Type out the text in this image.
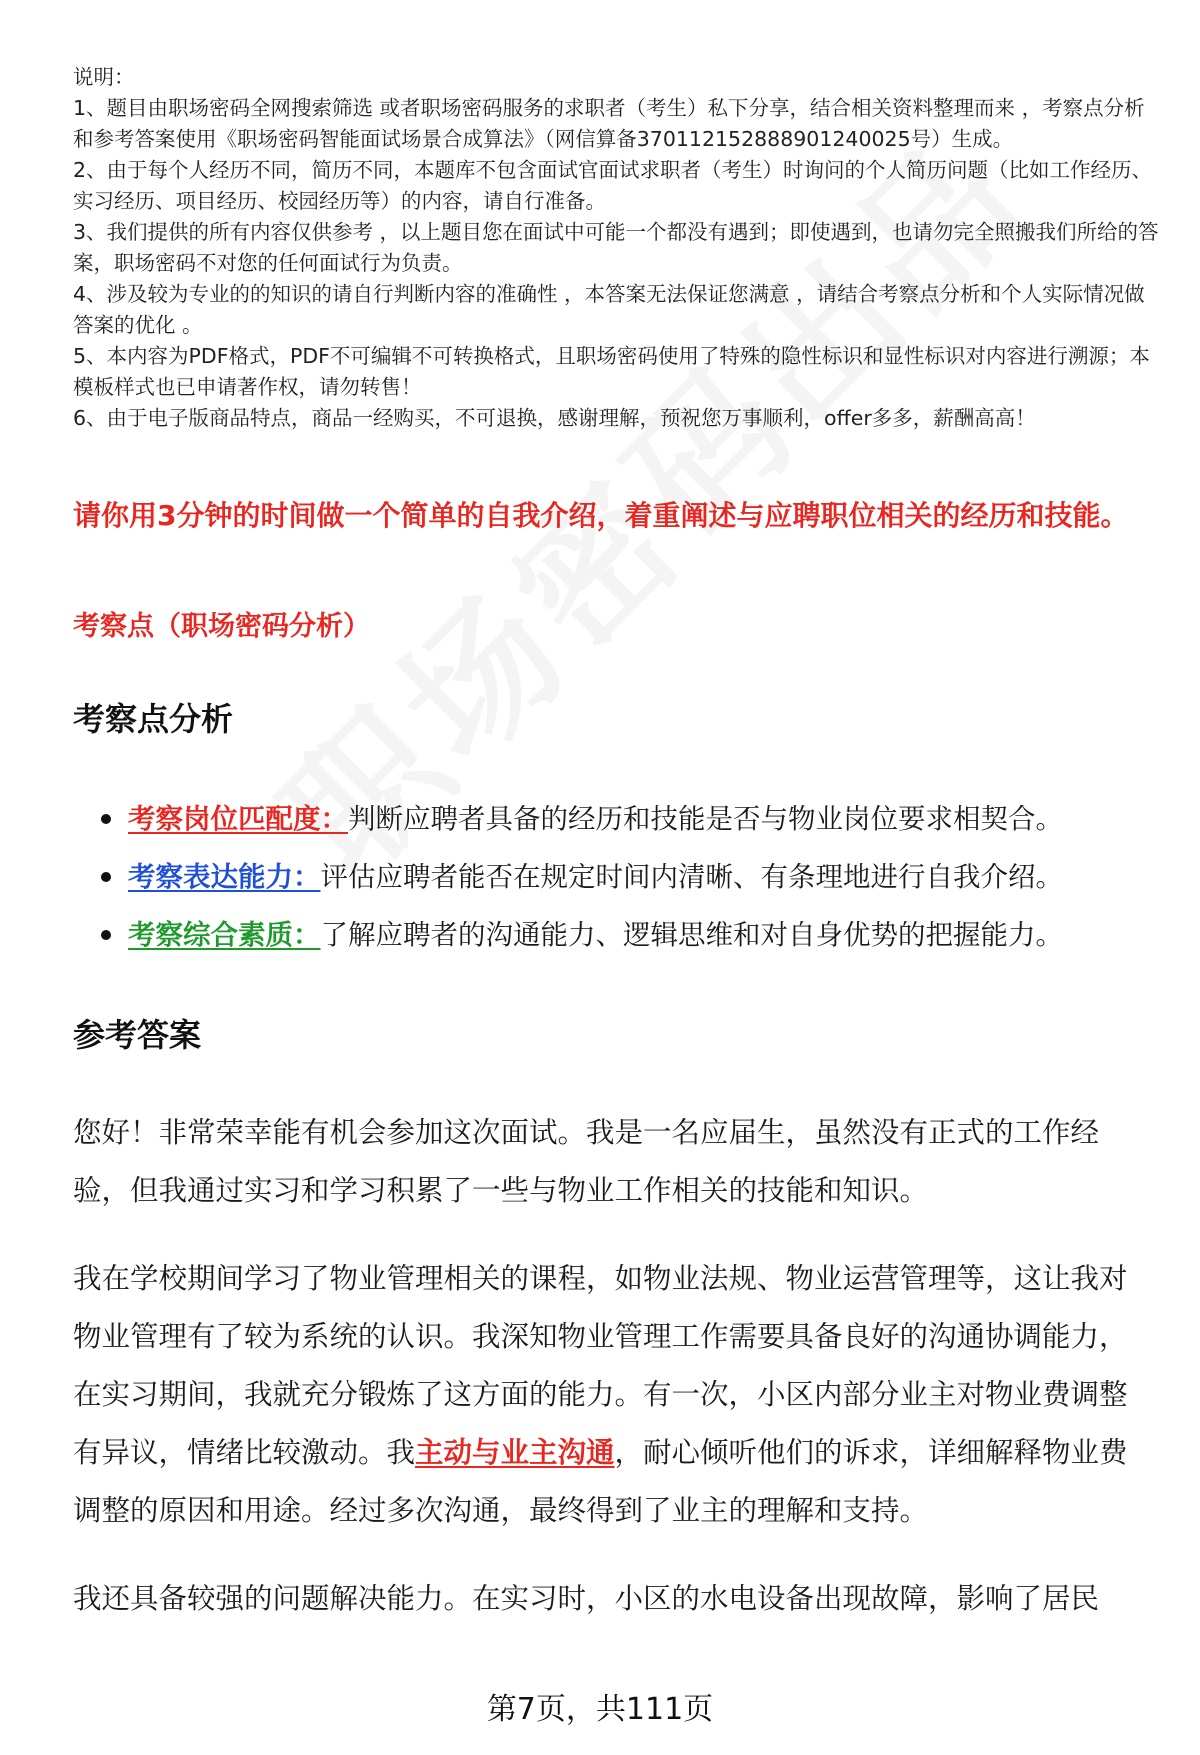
说明：

1、题目由职场密码全网搜索筛选 或者职场密码服务的求职者（考生）私下分享，结合相关资料整理而来 ，考察点分析和参考答案使用《职场密码智能面试场景合成算法》（网信算备370112152888901240025号）生成。

2、由于每个人经历不同，简历不同，本题库不包含面试官面试求职者（考生）时询问的个人简历问题（比如工作经历、实习经历、项目经历、校园经历等）的内容，请自行准备。

3、我们提供的所有内容仅供参考 ，以上题目您在面试中可能一个都没有遇到；即使遇到，也请勿完全照搬我们所给的答案，职场密码不对您的任何面试行为负责。

4、涉及较为专业的的知识的请自行判断内容的准确性 ，本答案无法保证您满意 ，请结合考察点分析和个人实际情况做答案的优化 。

5、本内容为PDF格式，PDF不可编辑不可转换格式，且职场密码使用了特殊的隐性标识和显性标识对内容进行溯源；本模板样式也已申请著作权，请勿转售！

6、由于电子版商品特点，商品一经购买，不可退换，感谢理解，预祝您万事顺利，offer多多，薪酬高高！

请你用3分钟的时间做一个简单的自我介绍，着重阐述与应聘职位相关的经历和技能。
考察点（职场密码分析）
考察点分析
考察岗位匹配度：判断应聘者具备的经历和技能是否与物业岗位要求相契合。
考察表达能力：评估应聘者能否在规定时间内清晰、有条理地进行自我介绍。
考察综合素质：了解应聘者的沟通能力、逻辑思维和对自身优势的把握能力。
参考答案

您好！非常荣幸能有机会参加这次面试。我是一名应届生，虽然没有正式的工作经验，但我通过实习和学习积累了一些与物业工作相关的技能和知识。

我在学校期间学习了物业管理相关的课程，如物业法规、物业运营管理等，这让我对物业管理有了较为系统的认识。我深知物业管理工作需要具备良好的沟通协调能力，在实习期间，我就充分锻炼了这方面的能力。有一次，小区内部分业主对物业费调整有异议，情绪比较激动。我主动与业主沟通，耐心倾听他们的诉求，详细解释物业费调整的原因和用途。经过多次沟通，最终得到了业主的理解和支持。

我还具备较强的问题解决能力。在实习时，小区的水电设备出现故障，影响了居民

第7页，共111页
